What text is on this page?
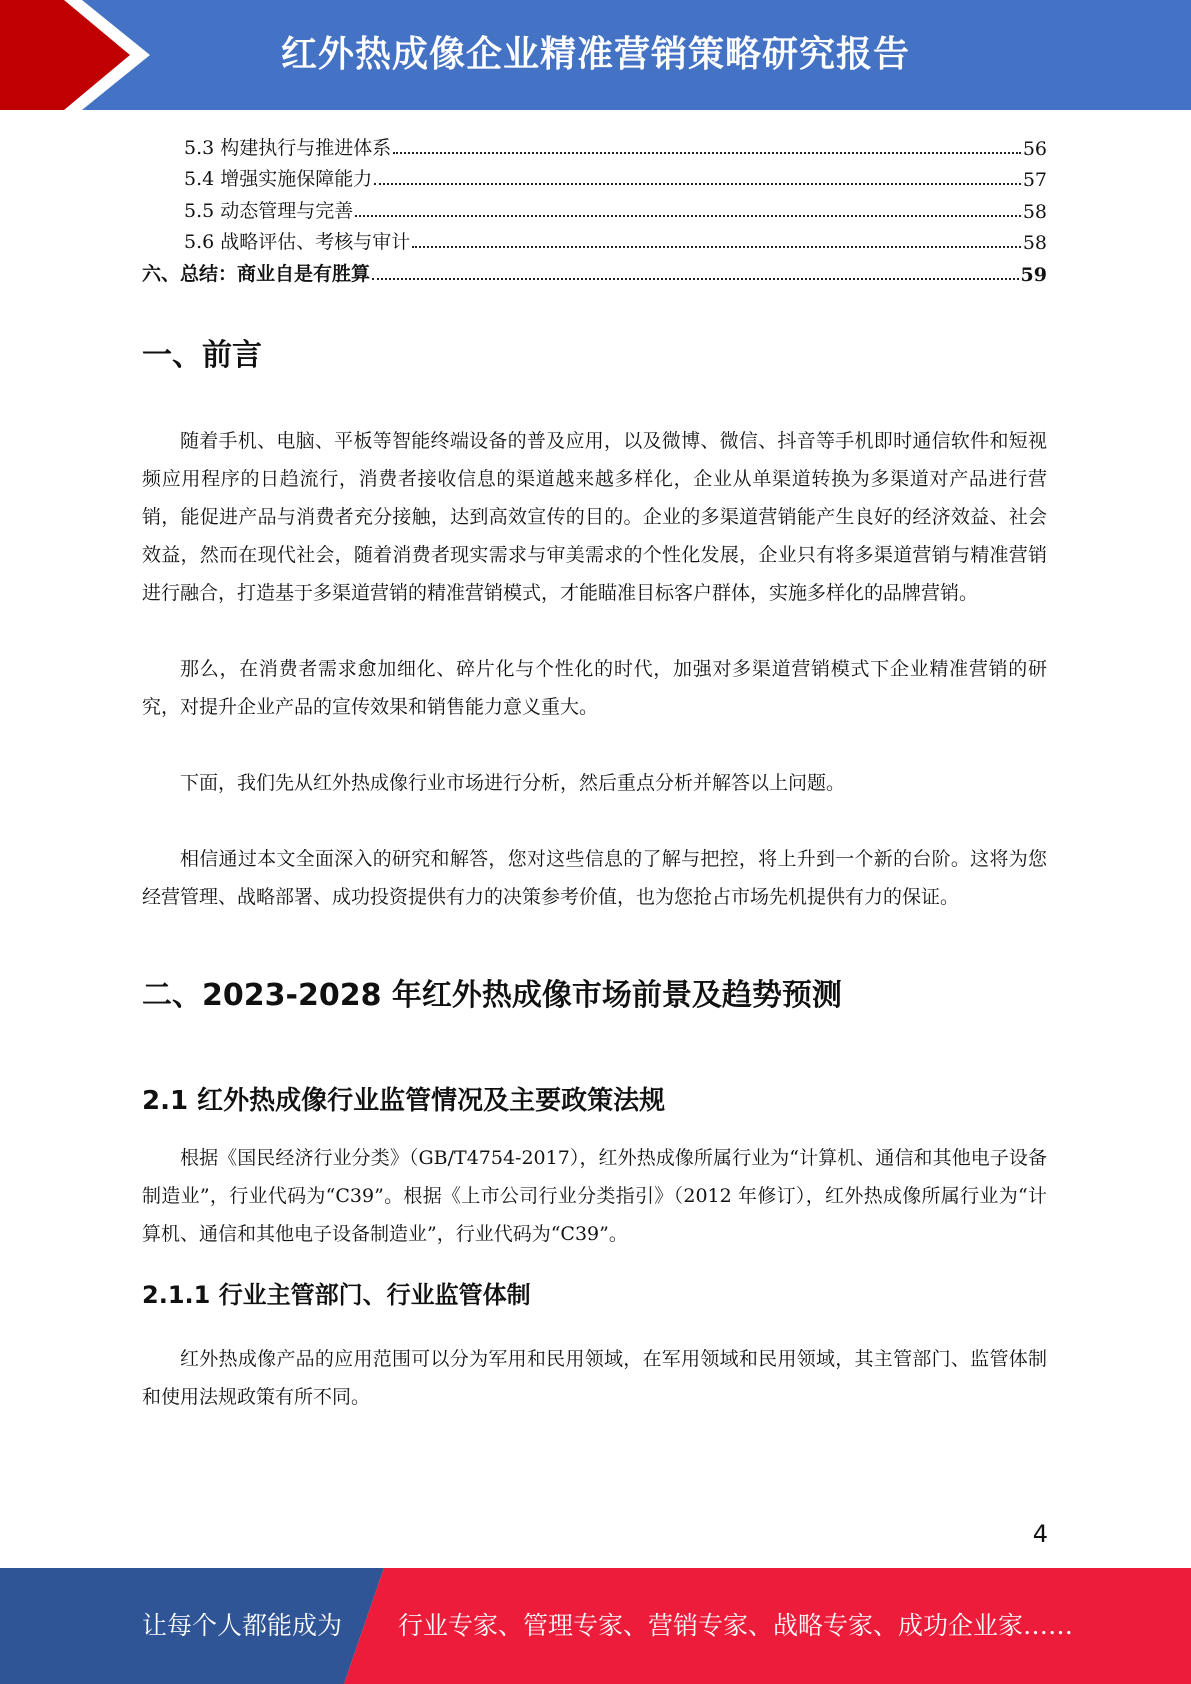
红外热成像企业精准营销策略研究报告
5.3 构建执行与推进体系	56
5.4 增强实施保障能力	57
5.5 动态管理与完善	58
5.6 战略评估、考核与审计	58
六、总结：商业自是有胜算	59
一、前言

随着手机、电脑、平板等智能终端设备的普及应用，以及微博、微信、抖音等手机即时通信软件和短视频应用程序的日趋流行，消费者接收信息的渠道越来越多样化，企业从单渠道转换为多渠道对产品进行营销，能促进产品与消费者充分接触，达到高效宣传的目的。企业的多渠道营销能产生良好的经济效益、社会效益，然而在现代社会，随着消费者现实需求与审美需求的个性化发展，企业只有将多渠道营销与精准营销进行融合，打造基于多渠道营销的精准营销模式，才能瞄准目标客户群体，实施多样化的品牌营销。

那么，在消费者需求愈加细化、碎片化与个性化的时代，加强对多渠道营销模式下企业精准营销的研究，对提升企业产品的宣传效果和销售能力意义重大。

下面，我们先从红外热成像行业市场进行分析，然后重点分析并解答以上问题。

相信通过本文全面深入的研究和解答，您对这些信息的了解与把控，将上升到一个新的台阶。这将为您经营管理、战略部署、成功投资提供有力的决策参考价值，也为您抢占市场先机提供有力的保证。

二、2023-2028 年红外热成像市场前景及趋势预测
2.1 红外热成像行业监管情况及主要政策法规

根据《国民经济行业分类》（GB/T4754-2017），红外热成像所属行业为“计算机、通信和其他电子设备制造业”，行业代码为“C39”。根据《上市公司行业分类指引》（2012 年修订），红外热成像所属行业为“计算机、通信和其他电子设备制造业”，行业代码为“C39”。

2.1.1 行业主管部门、行业监管体制

红外热成像产品的应用范围可以分为军用和民用领域，在军用领域和民用领域，其主管部门、监管体制和使用法规政策有所不同。

4
让每个人都能成为 行业专家、管理专家、营销专家、战略专家、成功企业家……
